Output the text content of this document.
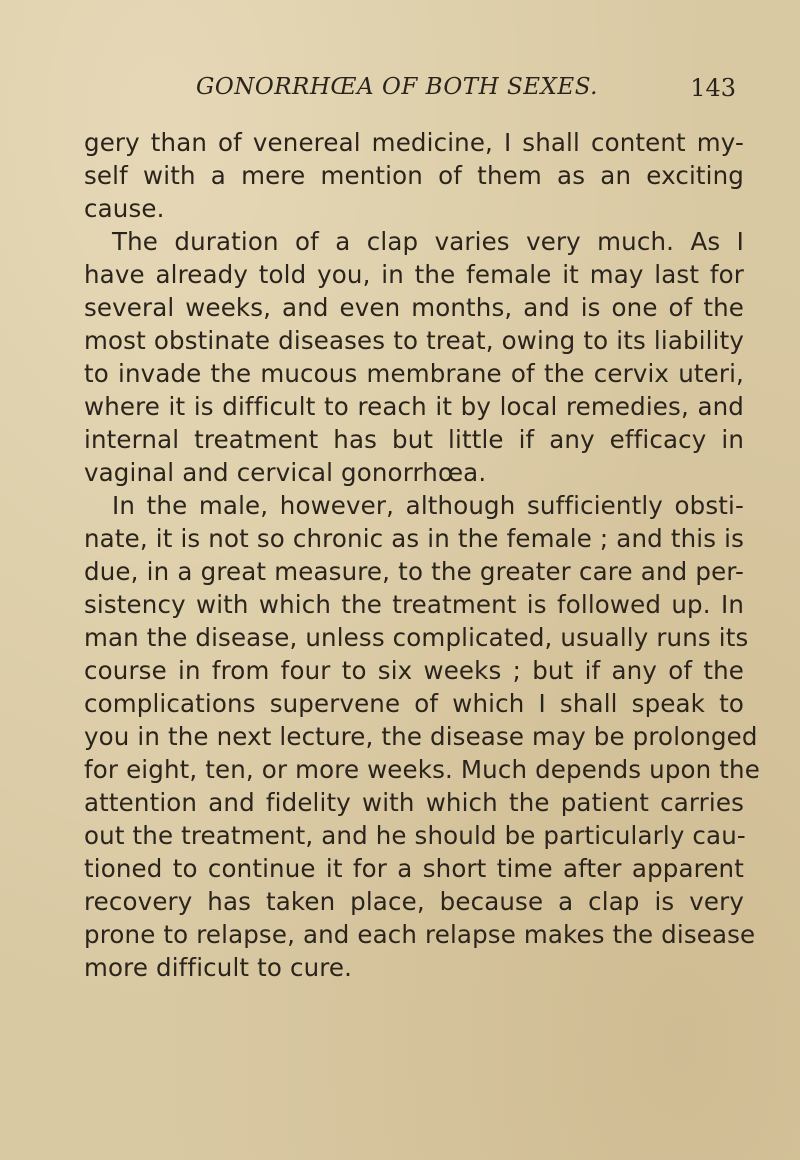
GONORRHŒA OF BOTH SEXES.	143
gery than of venereal medicine, I shall content my-
self with a mere mention of them as an exciting
cause.
The duration of a clap varies very much. As I
have already told you, in the female it may last for
several weeks, and even months, and is one of the
most obstinate diseases to treat, owing to its liability
to invade the mucous membrane of the cervix uteri,
where it is difficult to reach it by local remedies, and
internal treatment has but little if any efficacy in
vaginal and cervical gonorrhœa.
In the male, however, although sufficiently obsti-
nate, it is not so chronic as in the female ; and this is
due, in a great measure, to the greater care and per-
sistency with which the treatment is followed up. In
man the disease, unless complicated, usually runs its
course in from four to six weeks ; but if any of the
complications supervene of which I shall speak to
you in the next lecture, the disease may be prolonged
for eight, ten, or more weeks. Much depends upon the
attention and fidelity with which the patient carries
out the treatment, and he should be particularly cau-
tioned to continue it for a short time after apparent
recovery has taken place, because a clap is very
prone to relapse, and each relapse makes the disease
more difficult to cure.
